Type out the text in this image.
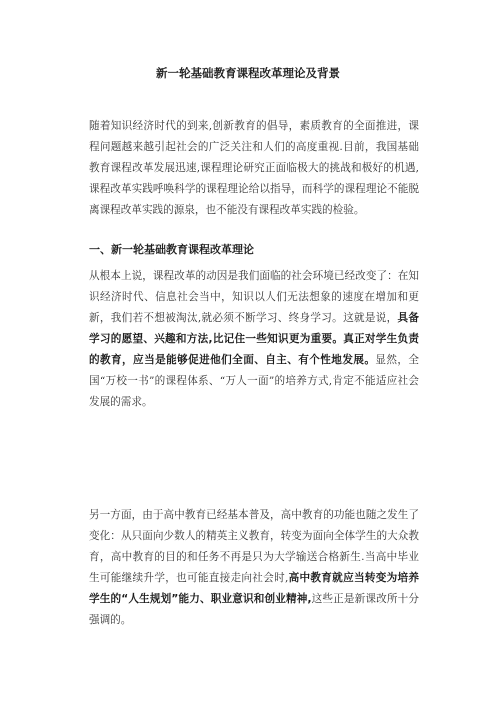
新一轮基础教育课程改革理论及背景
随着知识经济时代的到来,创新教育的倡导，素质教育的全面推进，课程问题越来越引起社会的广泛关注和人们的高度重视.目前，我国基础教育课程改革发展迅速,课程理论研究正面临极大的挑战和极好的机遇,课程改革实践呼唤科学的课程理论给以指导，而科学的课程理论不能脱离课程改革实践的源泉，也不能没有课程改革实践的检验。
一、新一轮基础教育课程改革理论
从根本上说，课程改革的动因是我们面临的社会环境已经改变了：在知识经济时代、信息社会当中，知识以人们无法想象的速度在增加和更新，我们若不想被淘汰,就必须不断学习、终身学习。这就是说，具备学习的愿望、兴趣和方法,比记住一些知识更为重要。真正对学生负责的教育，应当是能够促进他们全面、自主、有个性地发展。显然，全国“万校一书”的课程体系、“万人一面”的培养方式,肯定不能适应社会发展的需求。
另一方面，由于高中教育已经基本普及，高中教育的功能也随之发生了变化：从只面向少数人的精英主义教育，转变为面向全体学生的大众教育，高中教育的目的和任务不再是只为大学输送合格新生.当高中毕业生可能继续升学，也可能直接走向社会时,高中教育就应当转变为培养学生的“人生规划”能力、职业意识和创业精神,这些正是新课改所十分强调的。
